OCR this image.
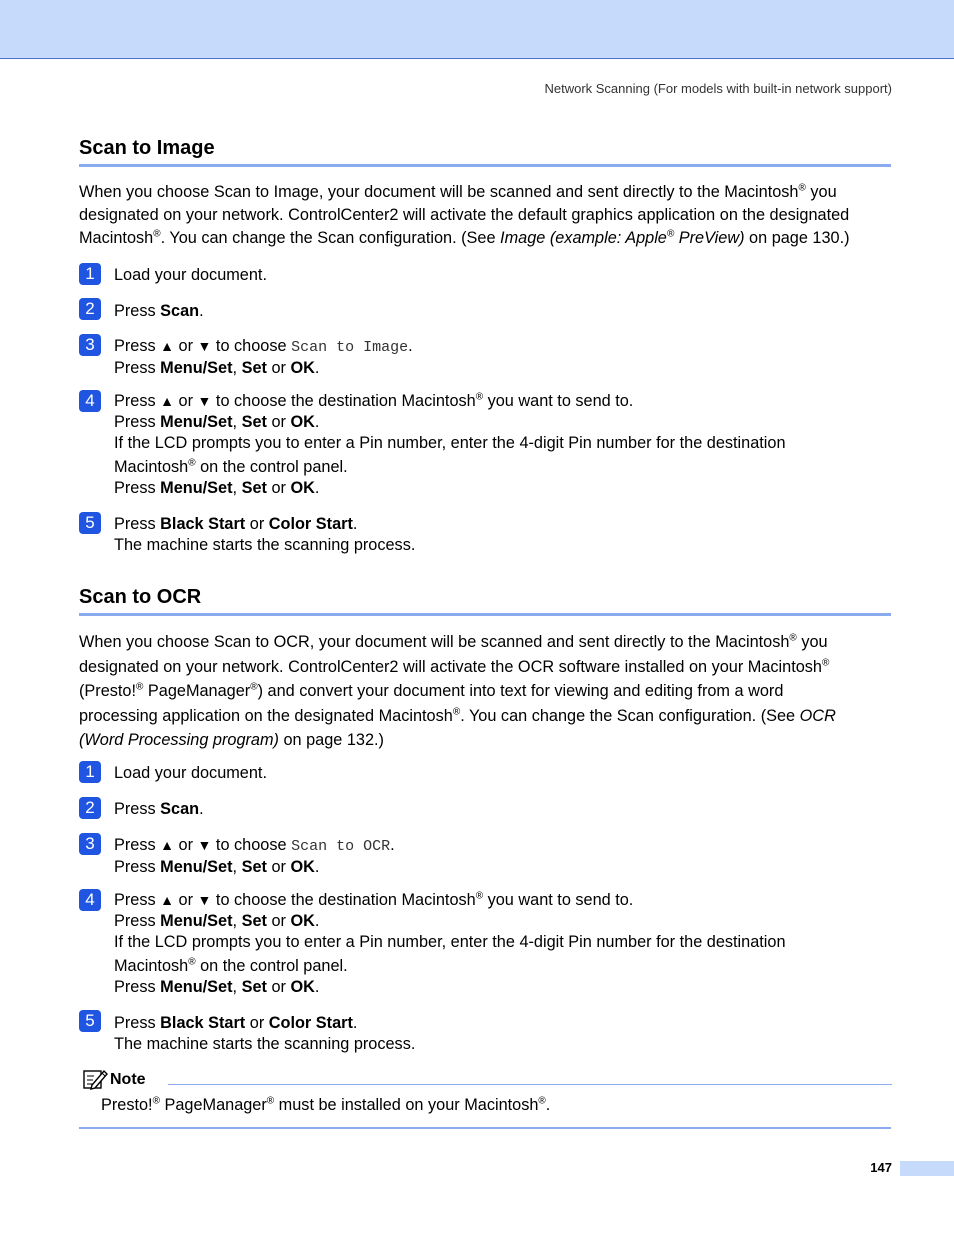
Network Scanning (For models with built-in network support)
Scan to Image

When you choose Scan to Image, your document will be scanned and sent directly to the Macintosh® you
designated on your network. ControlCenter2 will activate the default graphics application on the designated
Macintosh®. You can change the Scan configuration. (See Image (example: Apple® PreView) on page 130.)

1	Load your document.
2	Press Scan.
3	Press ▲ or ▼ to choose Scan to Image.
Press Menu/Set, Set or OK.
4	Press ▲ or ▼ to choose the destination Macintosh® you want to send to.
Press Menu/Set, Set or OK.
If the LCD prompts you to enter a Pin number, enter the 4-digit Pin number for the destination
Macintosh® on the control panel.
Press Menu/Set, Set or OK.
5	Press Black Start or Color Start.
The machine starts the scanning process.
Scan to OCR

When you choose Scan to OCR, your document will be scanned and sent directly to the Macintosh® you
designated on your network. ControlCenter2 will activate the OCR software installed on your Macintosh®
(Presto!® PageManager®) and convert your document into text for viewing and editing from a word
processing application on the designated Macintosh®. You can change the Scan configuration. (See OCR
(Word Processing program) on page 132.)

1	Load your document.
2	Press Scan.
3	Press ▲ or ▼ to choose Scan to OCR.
Press Menu/Set, Set or OK.
4	Press ▲ or ▼ to choose the destination Macintosh® you want to send to.
Press Menu/Set, Set or OK.
If the LCD prompts you to enter a Pin number, enter the 4-digit Pin number for the destination
Macintosh® on the control panel.
Press Menu/Set, Set or OK.
5	Press Black Start or Color Start.
The machine starts the scanning process.
Note
Presto!® PageManager® must be installed on your Macintosh®.
147
